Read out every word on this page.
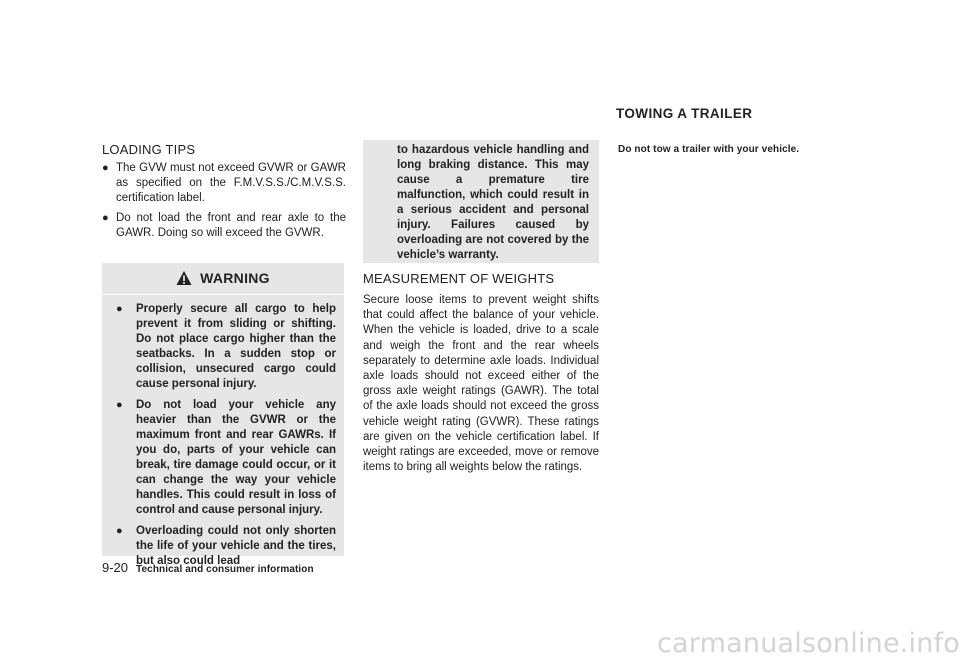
LOADING TIPS
● The GVW must not exceed GVWR or GAWR as specified on the F.M.V.S.S./C.M.V.S.S. certification label.
● Do not load the front and rear axle to the GAWR. Doing so will exceed the GVWR.
WARNING
● Properly secure all cargo to help prevent it from sliding or shifting. Do not place cargo higher than the seatbacks. In a sudden stop or collision, unsecured cargo could cause personal injury.
● Do not load your vehicle any heavier than the GVWR or the maximum front and rear GAWRs. If you do, parts of your vehicle can break, tire damage could occur, or it can change the way your vehicle handles. This could result in loss of control and cause personal injury.
● Overloading could not only shorten the life of your vehicle and the tires, but also could lead

to hazardous vehicle handling and long braking distance. This may cause a premature tire malfunction, which could result in a serious accident and personal injury. Failures caused by overloading are not covered by the vehicle’s warranty.

MEASUREMENT OF WEIGHTS

Secure loose items to prevent weight shifts that could affect the balance of your vehicle. When the vehicle is loaded, drive to a scale and weigh the front and the rear wheels separately to determine axle loads. Individual axle loads should not exceed either of the gross axle weight ratings (GAWR). The total of the axle loads should not exceed the gross vehicle weight rating (GVWR). These ratings are given on the vehicle certification label. If weight ratings are exceeded, move or remove items to bring all weights below the ratings.

TOWING A TRAILER
Do not tow a trailer with your vehicle.
9-20 Technical and consumer information
carmanualsonline.info
